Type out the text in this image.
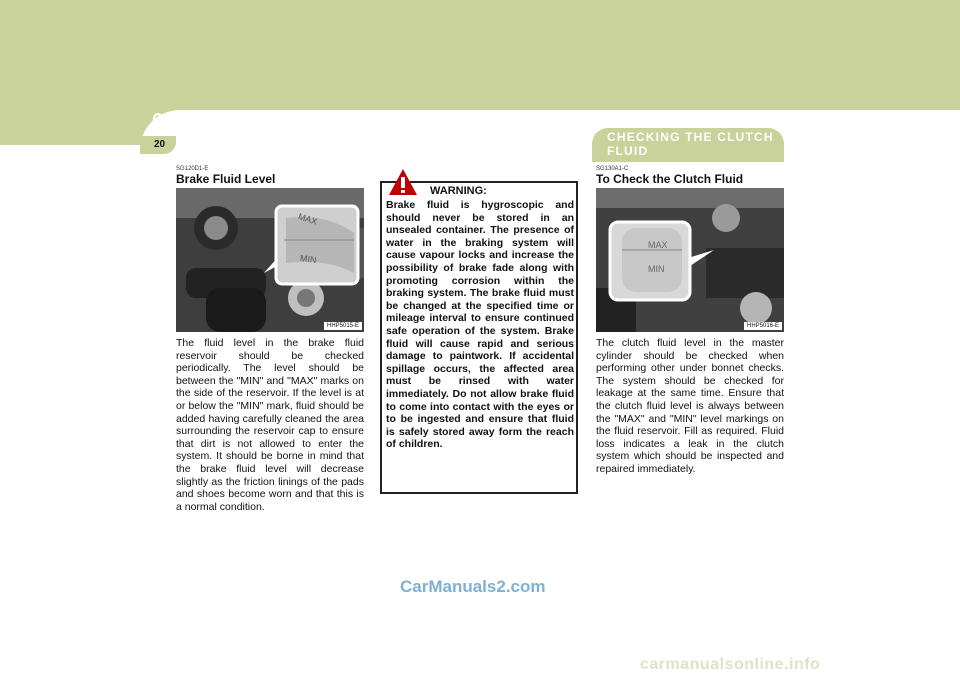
6 OWNER MAINTENANCE
20
CHECKING THE CLUTCH FLUID
SG120D1-E
Brake Fluid Level
MAX
MIN
HHP5015-E
The fluid level in the brake fluid reservoir should be checked periodically. The level should be between the "MIN" and "MAX" marks on the side of the reservoir. If the level is at or below the "MIN" mark, fluid should be added having carefully cleaned the area surrounding the reservoir cap to ensure that dirt is not allowed to enter the system. It should be borne in mind that the brake fluid level will decrease slightly as the friction linings of the pads and shoes become worn and that this is a normal condition.
WARNING:
Brake fluid is hygroscopic and should never be stored in an unsealed container. The presence of water in the braking system will cause vapour locks and increase the possibility of brake fade along with promoting corrosion within the braking system. The brake fluid must be changed at the specified time or mileage interval to ensure continued safe operation of the system. Brake fluid will cause rapid and serious damage to paintwork. If accidental spillage occurs, the affected area must be rinsed with water immediately. Do not allow brake fluid to come into contact with the eyes or to be ingested and ensure that fluid is safely stored away form the reach of children.
SG130A1-C
To Check the Clutch Fluid
MAX
MIN
HHP5016-E
The clutch fluid level in the master cylinder should be checked when performing other under bonnet checks. The system should be checked for leakage at the same time. Ensure that the clutch fluid level is always between the "MAX" and "MIN" level markings on the fluid reservoir. Fill as required. Fluid loss indicates a leak in the clutch system which should be inspected and repaired immediately.
CarManuals2.com
carmanualsonline.info
